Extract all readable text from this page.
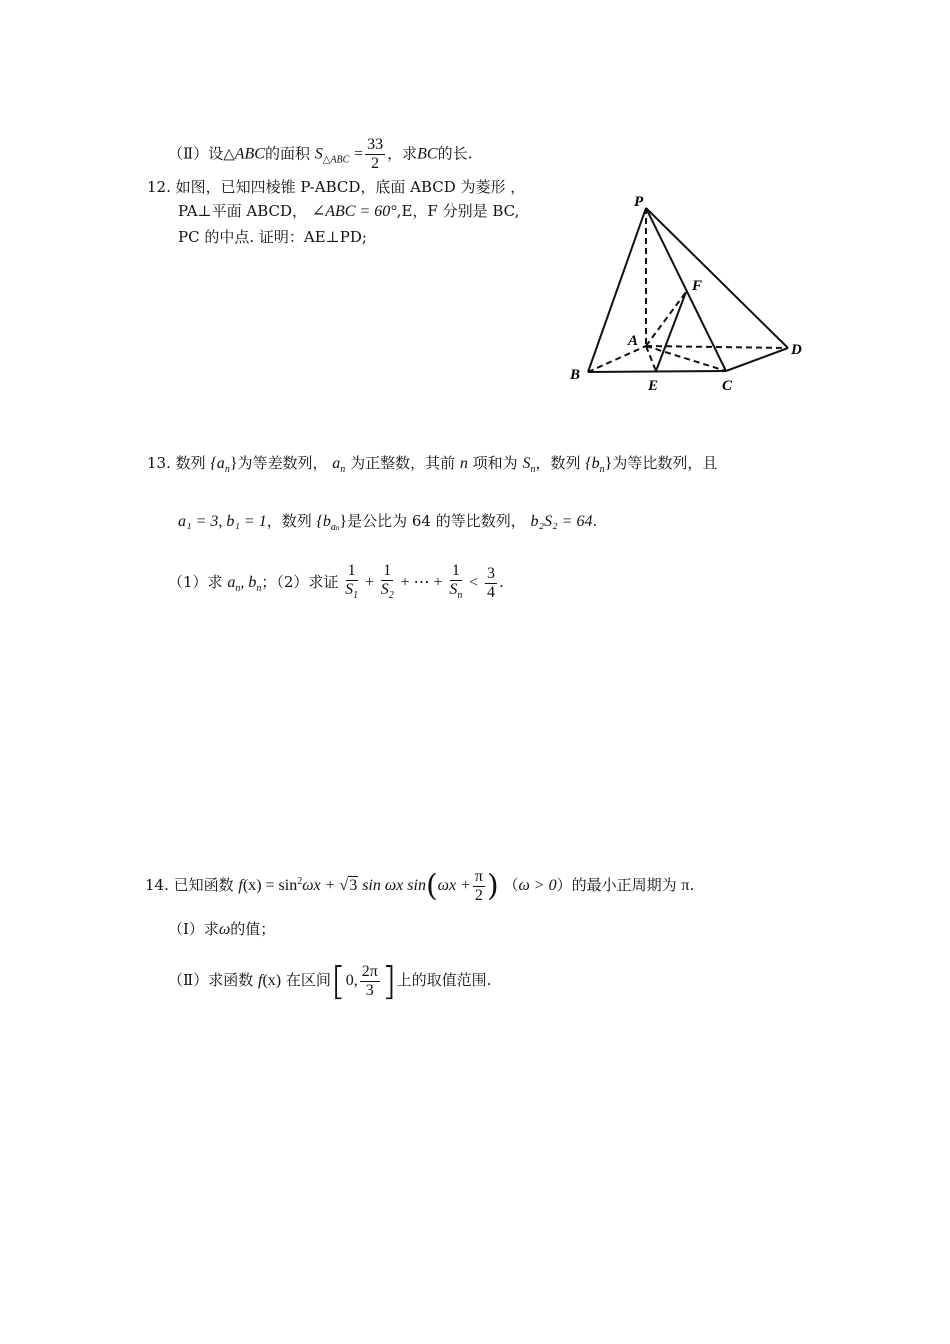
（Ⅱ）设△ABC的面积 $S_{\triangle ABC} = \frac{33}{2}$ ，求BC的长.
12. 如图，已知四棱锥 P-ABCD，底面 ABCD 为菱形 ，
PA⊥平面 ABCD， ∠ABC = 60°,E，F 分别是 BC,
PC 的中点. 证明：AE⊥PD;
P
F
A
D
B
E	C
13. 数列 $\{a_n\}$为等差数列， $a_n$ 为正整数，其前 n 项和为 $S_n$，数列 $\{b_n\}$为等比数列，且
a₁ = 3, b₁ = 1，数列 $\{b_{an}\}$是公比为 64 的等比数列， b₂S₂ = 64.
（1）求 $a_n$, $b_n$；（2）求证 $\frac{1}{S_1} + \frac{1}{S_2}$ + ⋯ + $\frac{1}{S_n} < \frac{3}{4}$ .
14. 已知函数 $f(x) = \sin^2\omega x + √3$ sin ωx $\sin(\omega x + \frac{\pi}{2}$ ) （ω > 0）的最小正周期为 π.
（Ⅰ）求ω的值；
（Ⅱ）求函数 f(x) 在区间[0, $\frac{2\pi}{3}$ ]上的取值范围.
